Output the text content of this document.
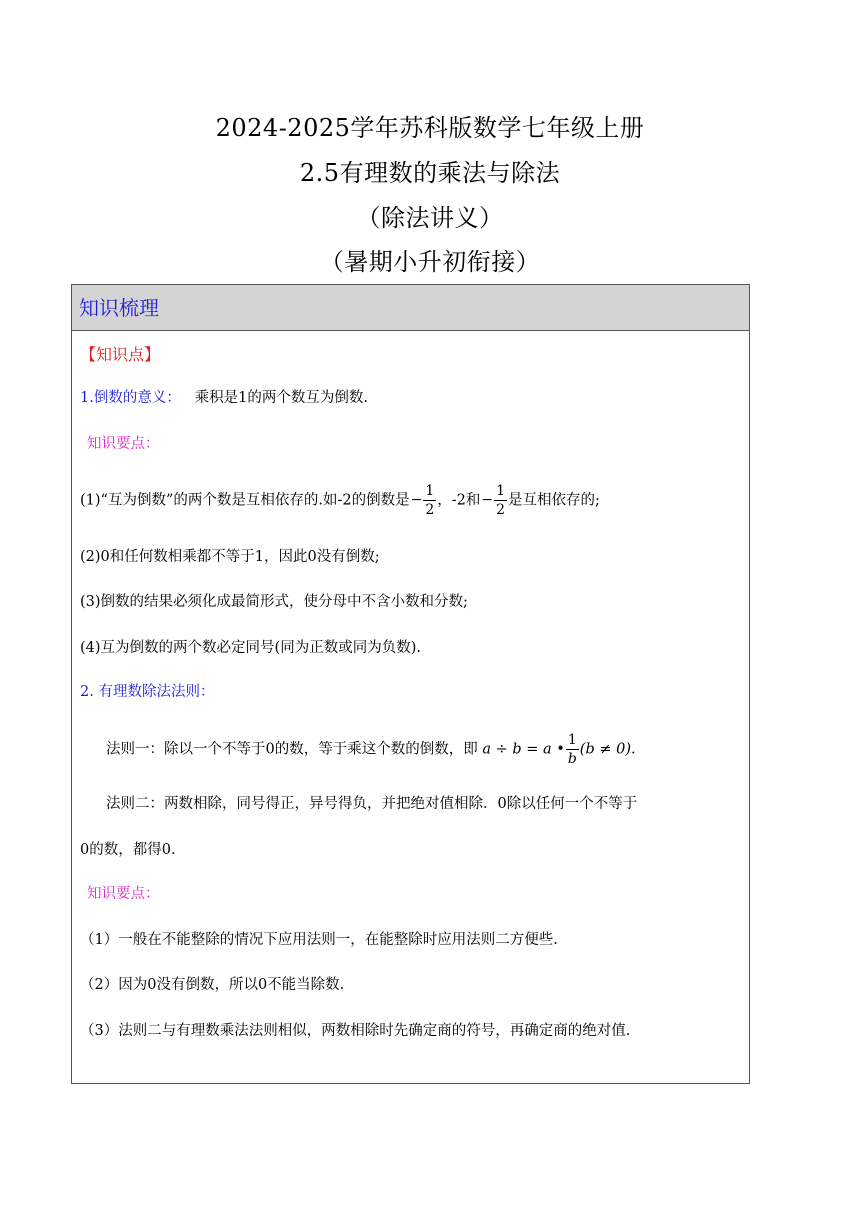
2024-2025学年苏科版数学七年级上册
2.5有理数的乘法与除法
（除法讲义）
（暑期小升初衔接）
知识梳理
【知识点】
1.倒数的意义： 乘积是1的两个数互为倒数.
知识要点：
(1)“互为倒数”的两个数是互相依存的.如-2的倒数是 − $\frac{1}{2}$ ，-2和 − $\frac{1}{2}$ 是互相依存的;
(2)0和任何数相乘都不等于1，因此0没有倒数;
(3)倒数的结果必须化成最简形式，使分母中不含小数和分数;
(4)互为倒数的两个数必定同号(同为正数或同为负数).
2. 有理数除法法则：
法则一：除以一个不等于0的数，等于乘这个数的倒数，即 a ÷ b = a • $\frac{1}{b} (b \ne 0)$.
法则二：两数相除，同号得正，异号得负，并把绝对值相除．0除以任何一个不等于
0的数，都得0.
知识要点：
（1）一般在不能整除的情况下应用法则一，在能整除时应用法则二方便些.
（2）因为0没有倒数，所以0不能当除数.
（3）法则二与有理数乘法法则相似，两数相除时先确定商的符号，再确定商的绝对值.
